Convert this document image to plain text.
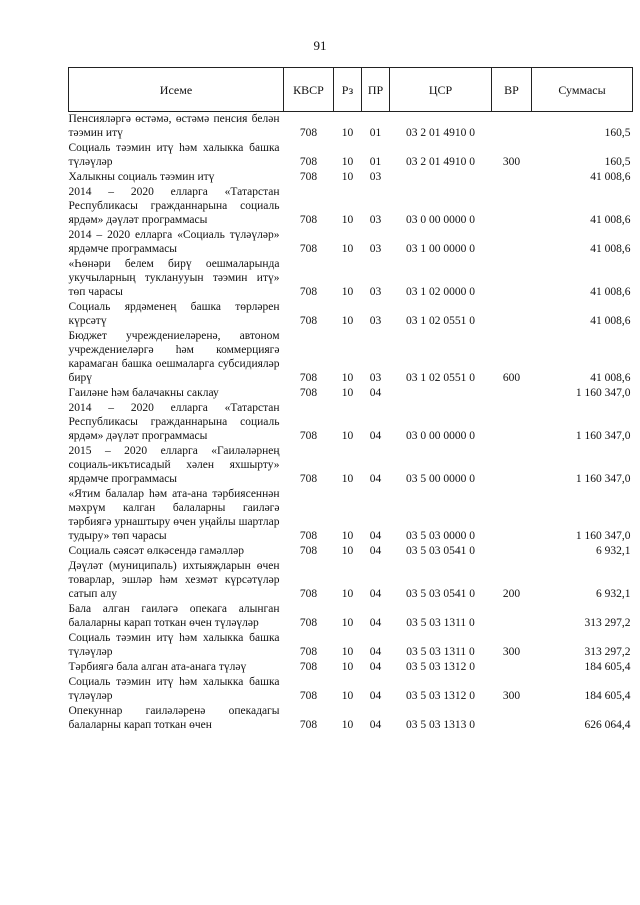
91
Исеме	КВСР	Рз	ПР	ЦСР	ВР	Суммасы
Пенсияләргә өстәмә, өстәмә пенсия белән тәэмин итү	708	10	01	03 2 01 4910 0		160,5
Социаль тәэмин итү һәм халыкка башка түләүләр	708	10	01	03 2 01 4910 0	300	160,5
Халыкны социаль тәэмин итү	708	10	03			41 008,6
2014 – 2020 елларга «Татарстан Республикасы гражданнарына социаль ярдәм» дәүләт программасы	708	10	03	03 0 00 0000 0		41 008,6
2014 – 2020 елларга «Социаль түләүләр» ярдәмче программасы	708	10	03	03 1 00 0000 0		41 008,6
«Һөнәри белем бирү оешмаларында укучыларның тукланууын тәэмин итү» төп чарасы	708	10	03	03 1 02 0000 0		41 008,6
Социаль ярдәменең башка төрләрен күрсәтү	708	10	03	03 1 02 0551 0		41 008,6
Бюджет учреждениеләренә, автоном учреждениеләргә һәм коммерциягә карамаган башка оешмаларга субсидияләр бирү	708	10	03	03 1 02 0551 0	600	41 008,6
Гаиләне һәм балачакны саклау	708	10	04			1 160 347,0
2014 – 2020 елларга «Татарстан Республикасы гражданнарына социаль ярдәм» дәүләт программасы	708	10	04	03 0 00 0000 0		1 160 347,0
2015 – 2020 елларга «Гаиләләрнең социаль-икътисадый хәлен яхшырту» ярдәмче программасы	708	10	04	03 5 00 0000 0		1 160 347,0
«Ятим балалар һәм ата-ана тәрбиясеннән мәхрүм калган балаларны гаиләгә тәрбиягә урнаштыру өчен уңайлы шартлар тудыру» төп чарасы	708	10	04	03 5 03 0000 0		1 160 347,0
Социаль сәясәт өлкәсендә гамәлләр	708	10	04	03 5 03 0541 0		6 932,1
Дәүләт (муниципаль) ихтыяҗларын өчен товарлар, эшләр һәм хезмәт күрсәтүләр сатып алу	708	10	04	03 5 03 0541 0	200	6 932,1
Бала алган гаиләгә опекага алынган балаларны карап тоткан өчен түләүләр	708	10	04	03 5 03 1311 0		313 297,2
Социаль тәэмин итү һәм халыкка башка түләүләр	708	10	04	03 5 03 1311 0	300	313 297,2
Тәрбиягә бала алган ата-анага түләү	708	10	04	03 5 03 1312 0		184 605,4
Социаль тәэмин итү һәм халыкка башка түләүләр	708	10	04	03 5 03 1312 0	300	184 605,4
Опекуннар гаиләләренә опекадагы балаларны карап тоткан өчен	708	10	04	03 5 03 1313 0		626 064,4
